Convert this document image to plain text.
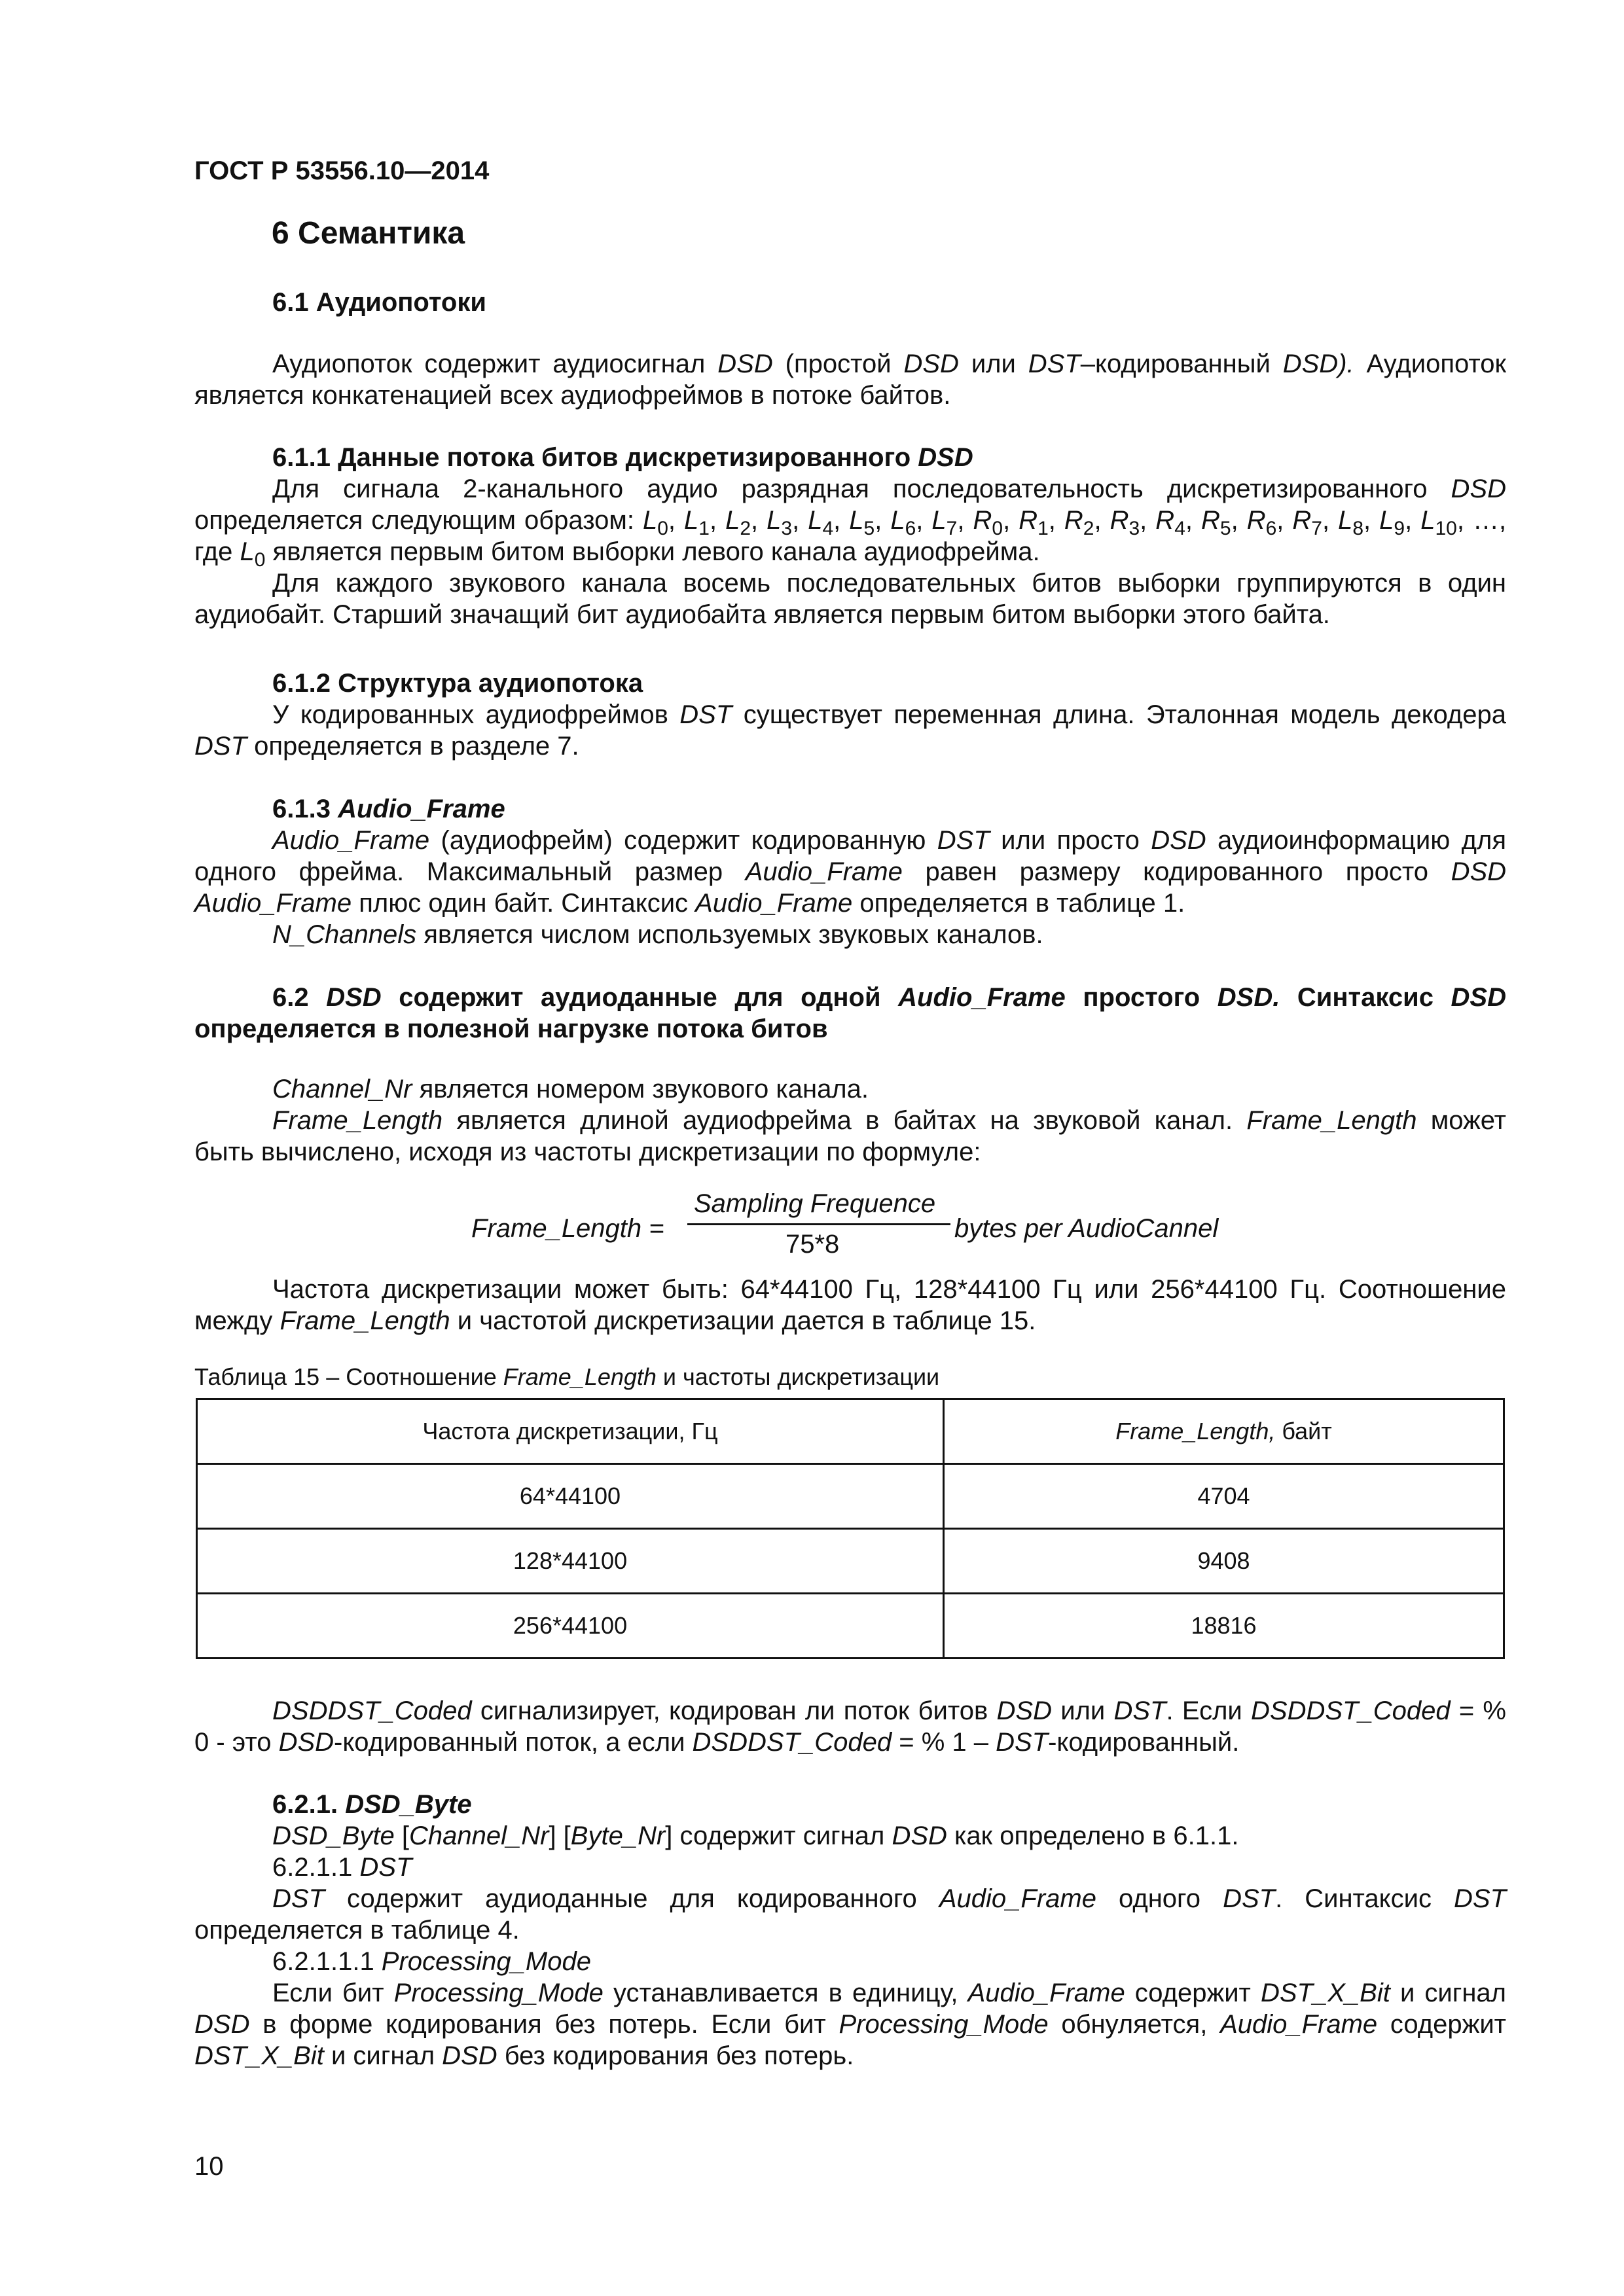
ГОСТ Р 53556.10—2014
6 Семантика

6.1 Аудиопотоки

Аудиопоток содержит аудиосигнал DSD (простой DSD или DST–кодированный DSD). Аудиопоток является конкатенацией всех аудиофреймов в потоке байтов.

6.1.1 Данные потока битов дискретизированного DSD

Для сигнала 2-канального аудио разрядная последовательность дискретизированного DSD определяется следующим образом: $L_0$, $L_1$, $L_2$, $L_3$, $L_4$, $L_5$, $L_6$, $L_7$, $R_0$, $R_1$, $R_2$, $R_3$, $R_4$, $R_5$, $R_6$, $R_7$, $L_8$, $L_9$, $L_{10}$, …, где $L_0$ является первым битом выборки левого канала аудиофрейма.

Для каждого звукового канала восемь последовательных битов выборки группируются в один аудиобайт. Старший значащий бит аудиобайта является первым битом выборки этого байта.

6.1.2 Структура аудиопотока

У кодированных аудиофреймов DST существует переменная длина. Эталонная модель декодера DST определяется в разделе 7.

6.1.3 Audio_Frame

Audio_Frame (аудиофрейм) содержит кодированную DST или просто DSD аудиоинформацию для одного фрейма. Максимальный размер Audio_Frame равен размеру кодированного просто DSD Audio_Frame плюс один байт. Синтаксис Audio_Frame определяется в таблице 1.

N_Channels является числом используемых звуковых каналов.

6.2 DSD содержит аудиоданные для одной Audio_Frame простого DSD. Синтаксис DSD определяется в полезной нагрузке потока битов

Channel_Nr является номером звукового канала.

Frame_Length является длиной аудиофрейма в байтах на звуковой канал. Frame_Length может быть вычислено, исходя из частоты дискретизации по формуле:

Frame_Length =
Sampling Frequence
75*8
bytes per AudioCannel

Частота дискретизации может быть: 64*44100 Гц, 128*44100 Гц или 256*44100 Гц. Соотношение между Frame_Length и частотой дискретизации дается в таблице 15.

Таблица 15 – Соотношение Frame_Length и частоты дискретизации
Частота дискретизации, Гц	Frame_Length, байт
64*44100	4704
128*44100	9408
256*44100	18816

DSDDST_Coded сигнализирует, кодирован ли поток битов DSD или DST. Если DSDDST_Coded = % 0 - это DSD-кодированный поток, а если DSDDST_Coded = % 1 – DST-кодированный.

6.2.1. DSD_Byte

DSD_Byte [Channel_Nr] [Byte_Nr] содержит сигнал DSD как определено в 6.1.1.

6.2.1.1 DST

DST содержит аудиоданные для кодированного Audio_Frame одного DST. Синтаксис DST определяется в таблице 4.

6.2.1.1.1 Processing_Mode

Если бит Processing_Mode устанавливается в единицу, Audio_Frame содержит DST_X_Bit и сигнал DSD в форме кодирования без потерь. Если бит Processing_Mode обнуляется, Audio_Frame содержит DST_X_Bit и сигнал DSD без кодирования без потерь.

10
